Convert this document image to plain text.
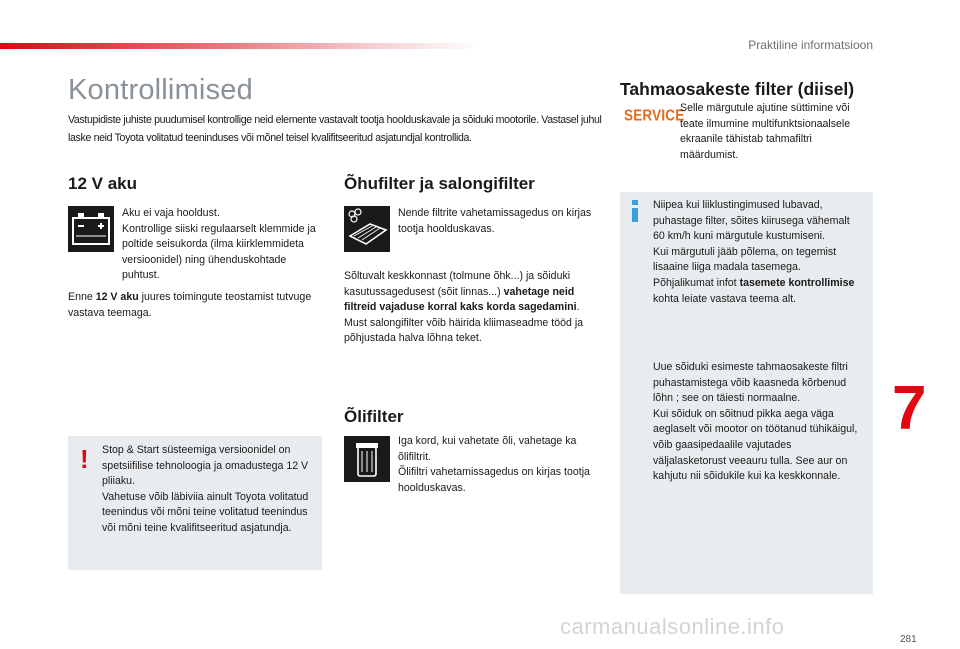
Praktiline informatsioon
Kontrollimised

Vastupidiste juhiste puudumisel kontrollige neid elemente vastavalt tootja hoolduskavale ja sõiduki mootorile. Vastasel juhul laske neid Toyota volitatud teeninduses või mõnel teisel kvalifitseeritud asjatundjal kontrollida.

12 V aku
Aku ei vaja hooldust.
Kontrollige siiski regulaarselt klemmide ja poltide seisukorda (ilma kiirklemmideta versioonidel) ning ühenduskohtade puhtust.

Enne 12 V aku juures toimingute teostamist tutvuge vastava teemaga.

! Stop & Start süsteemiga versioonidel on spetsiifilise tehnoloogia ja omadustega 12 V pliiaku.
Vahetuse võib läbiviia ainult Toyota volitatud teenindus või mõni teine volitatud teenindus või mõni teine kvalifitseeritud asjatundja.
Õhufilter ja salongifilter

Nende filtrite vahetamissagedus on kirjas tootja hoolduskavas.

Sõltuvalt keskkonnast (tolmune õhk...) ja sõiduki kasutussagedusest (sõit linnas...) vahetage neid filtreid vajaduse korral kaks korda sagedamini.
Must salongifilter võib häirida kliimaseadme tööd ja põhjustada halva lõhna teket.

Õlifilter
Iga kord, kui vahetate õli, vahetage ka õlifiltrit.
Õlifiltri vahetamissagedus on kirjas tootja hoolduskavas.
Tahmaosakeste filter (diisel)
SERVICE

Selle märgutule ajutine süttimine või teate ilmumine multifunktsionaalsele ekraanile tähistab tahmafiltri määrdumist.

Niipea kui liiklustingimused lubavad, puhastage filter, sõites kiirusega vähemalt 60 km/h kuni märgutule kustumiseni.
Kui märgutuli jääb põlema, on tegemist lisaaine liiga madala tasemega.
Põhjalikumat infot tasemete kontrollimise kohta leiate vastava teema alt.
Uue sõiduki esimeste tahmaosakeste filtri puhastamistega võib kaasneda kõrbenud lõhn ; see on täiesti normaalne.
Kui sõiduk on sõitnud pikka aega väga aeglaselt või mootor on töötanud tühikäigul, võib gaasipedaalile vajutades väljalasketorust veeauru tulla. See aur on kahjutu nii sõidukile kui ka keskkonnale.
7
carmanualsonline.info
281
